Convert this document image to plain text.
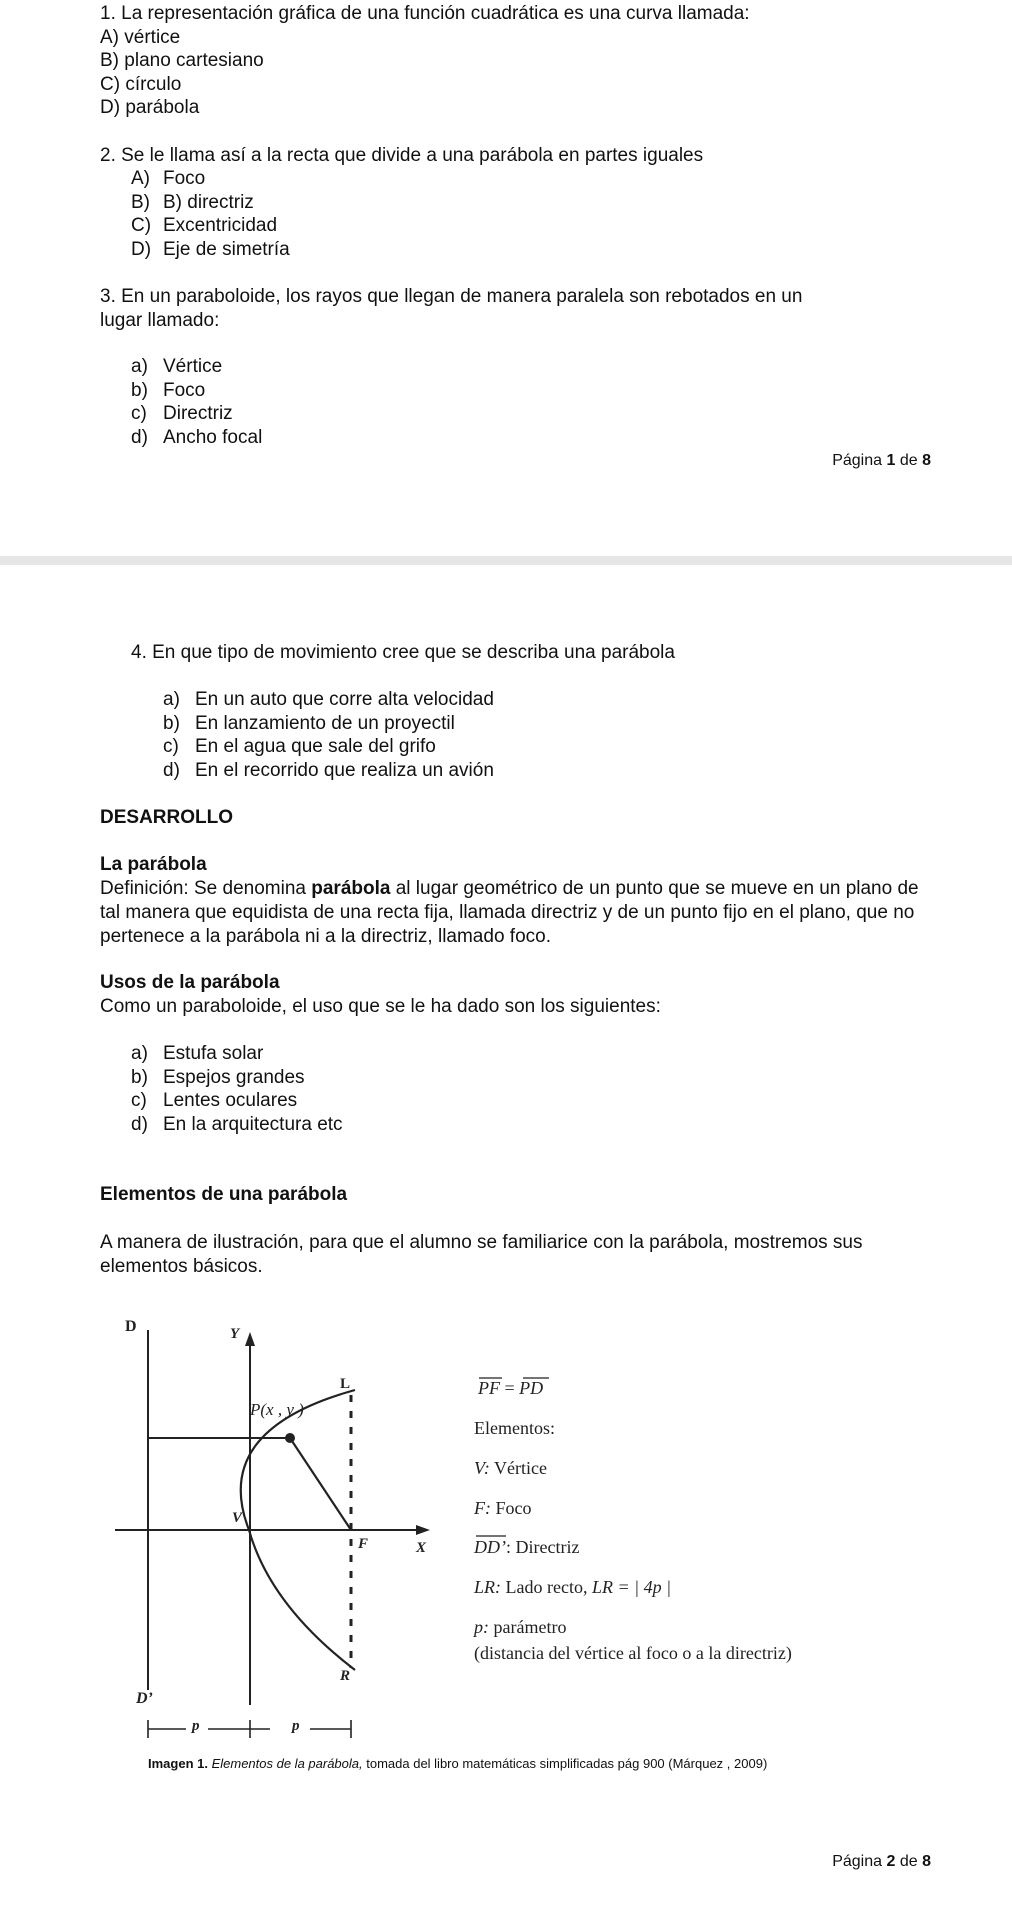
1. La representación gráfica de una función cuadrática es una curva llamada:
A) vértice
B) plano cartesiano
C) círculo
D) parábola
2. Se le llama así a la recta que divide a una parábola en partes iguales
A) Foco
B) B) directriz
C) Excentricidad
D) Eje de simetría
3. En un paraboloide, los rayos que llegan de manera paralela son rebotados en un
lugar llamado:
a) Vértice
b) Foco
c) Directriz
d) Ancho focal
Página 1 de 8
4. En que tipo de movimiento cree que se describa una parábola
a) En un auto que corre alta velocidad
b) En lanzamiento de un proyectil
c) En el agua que sale del grifo
d) En el recorrido que realiza un avión
DESARROLLO
La parábola
Definición: Se denomina parábola al lugar geométrico de un punto que se mueve en un plano de tal manera que equidista de una recta fija, llamada directriz y de un punto fijo en el plano, que no pertenece a la parábola ni a la directriz, llamado foco.
Usos de la parábola
Como un paraboloide, el uso que se le ha dado son los siguientes:
a) Estufa solar
b) Espejos grandes
c) Lentes oculares
d) En la arquitectura etc
Elementos de una parábola
A manera de ilustración, para que el alumno se familiarice con la parábola, mostremos sus elementos básicos.
D	Y
L
P(x , y )
V
F	X
R
D’
p	p
PF = PD
Elementos:
V: Vértice
F: Foco
DD’: Directriz
LR: Lado recto, LR = | 4p |
p: parámetro
(distancia del vértice al foco o a la directriz)
Imagen 1. Elementos de la parábola, tomada del libro matemáticas simplificadas pág 900 (Márquez , 2009)
Página 2 de 8
